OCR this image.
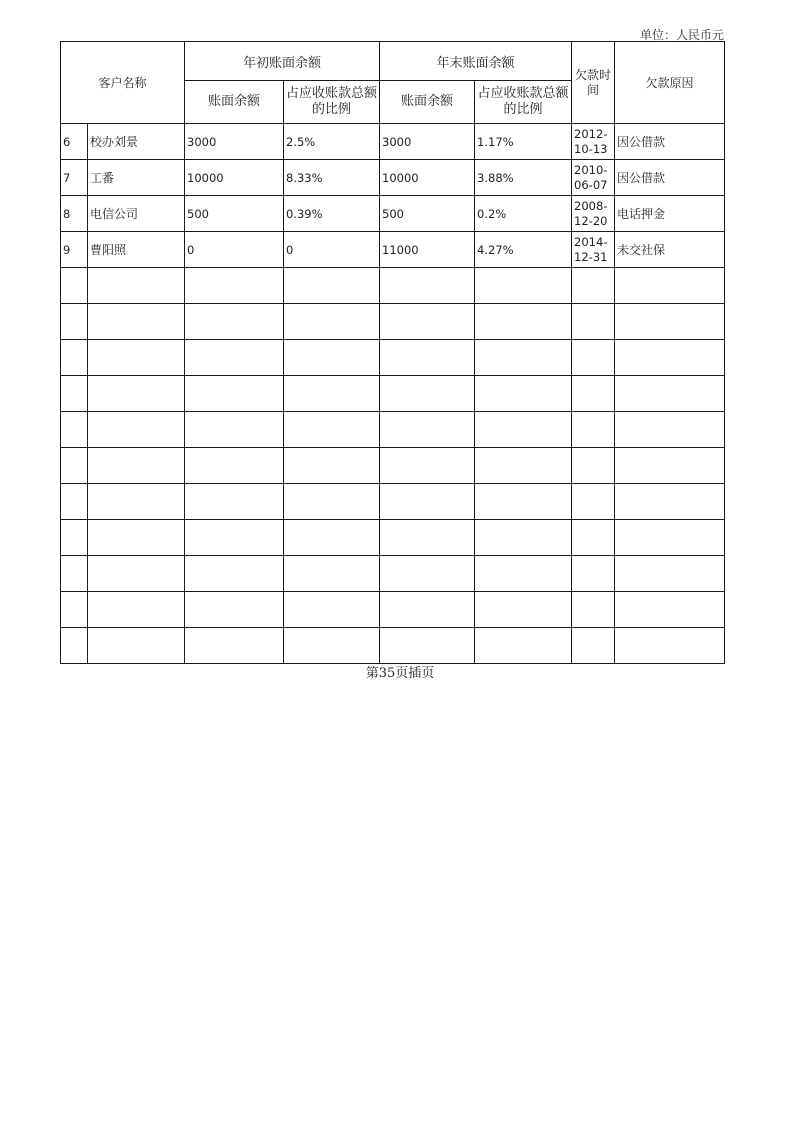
单位：人民币元
客户名称		年初账面余额		年末账面余额		欠款时间	欠款原因
		账面余额	占应收账款总额的比例	账面余额	占应收账款总额的比例		
6	校办刘景	3000	2.5%	3000	1.17%	2012-10-13	因公借款
7	工番	10000	8.33%	10000	3.88%	2010-06-07	因公借款
8	电信公司	500	0.39%	500	0.2%	2008-12-20	电话押金
9	曹阳照	0	0	11000	4.27%	2014-12-31	未交社保

第35页插页
